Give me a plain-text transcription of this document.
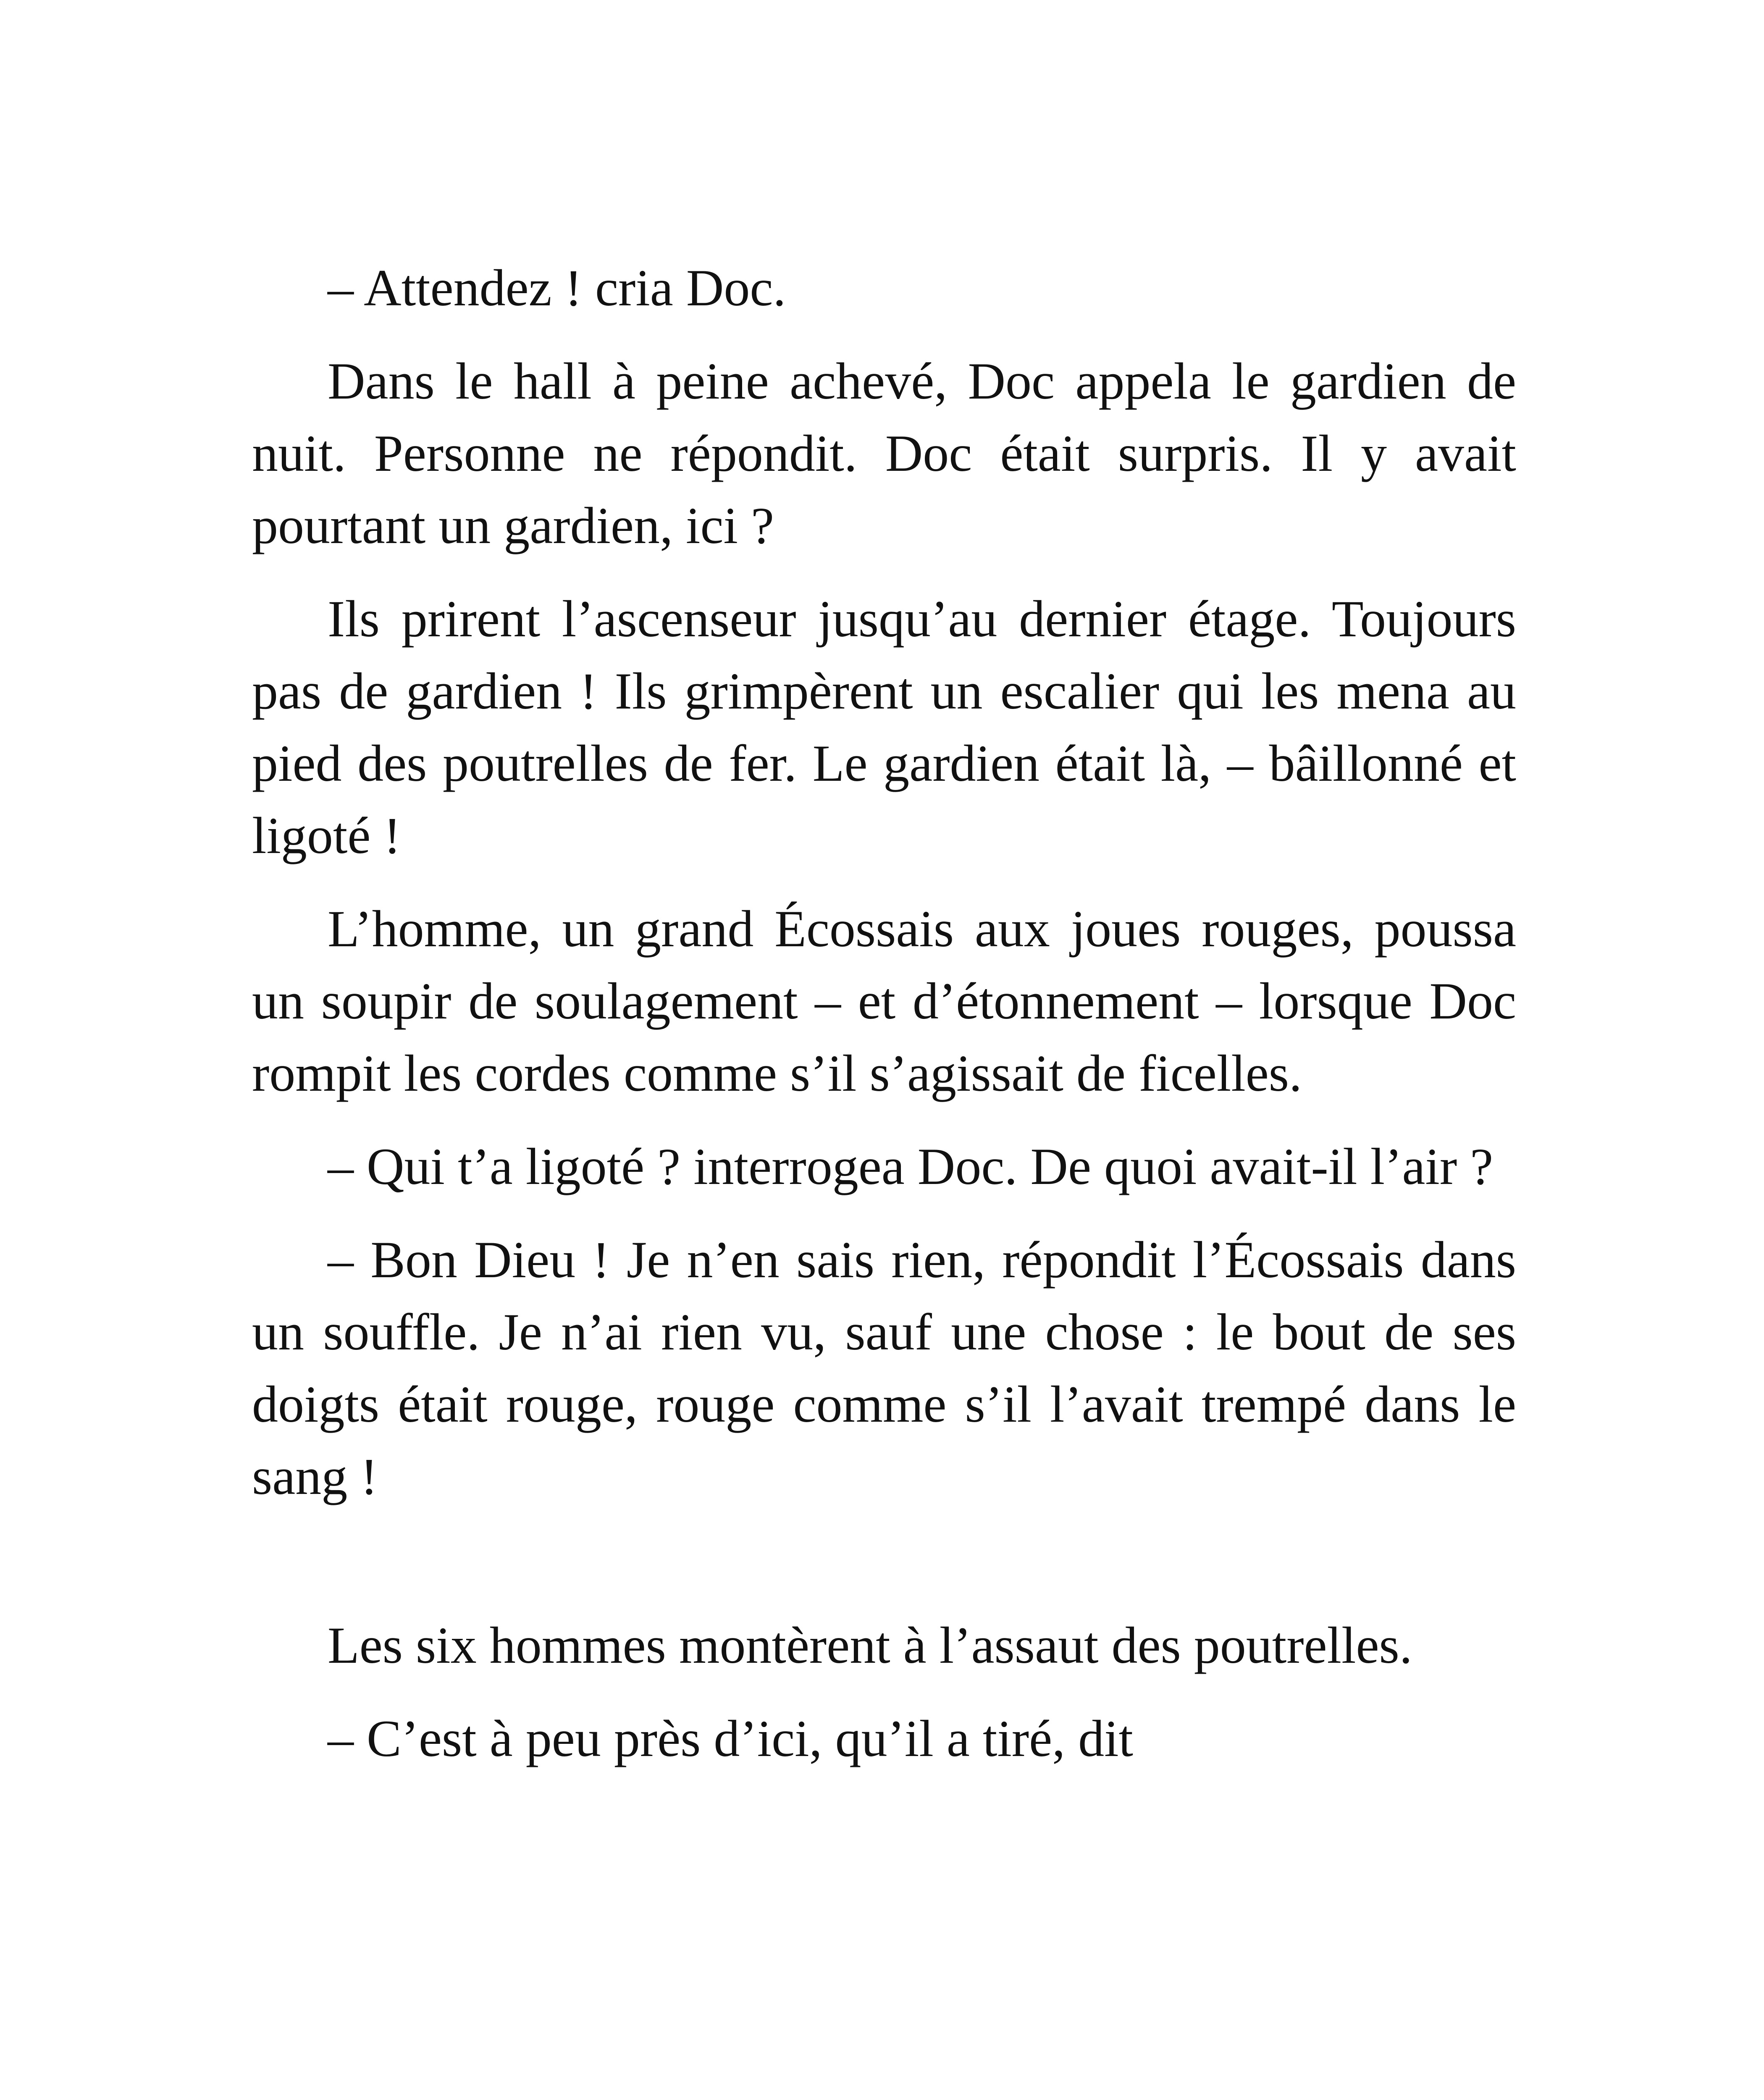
– Attendez ! cria Doc.

Dans le hall à peine achevé, Doc appela le gardien de nuit. Personne ne répondit. Doc était surpris. Il y avait pourtant un gardien, ici ?

Ils prirent l’ascenseur jusqu’au dernier étage. Toujours pas de gardien ! Ils grimpèrent un escalier qui les mena au pied des poutrelles de fer. Le gardien était là, – bâillonné et ligoté !

L’homme, un grand Écossais aux joues rouges, poussa un soupir de soulagement – et d’étonnement – lorsque Doc rompit les cordes comme s’il s’agissait de ficelles.

– Qui t’a ligoté ? interrogea Doc. De quoi avait-il l’air ?

– Bon Dieu ! Je n’en sais rien, répondit l’Écossais dans un souffle. Je n’ai rien vu, sauf une chose : le bout de ses doigts était rouge, rouge comme s’il l’avait trempé dans le sang !

Les six hommes montèrent à l’assaut des poutrelles.

– C’est à peu près d’ici, qu’il a tiré, dit
